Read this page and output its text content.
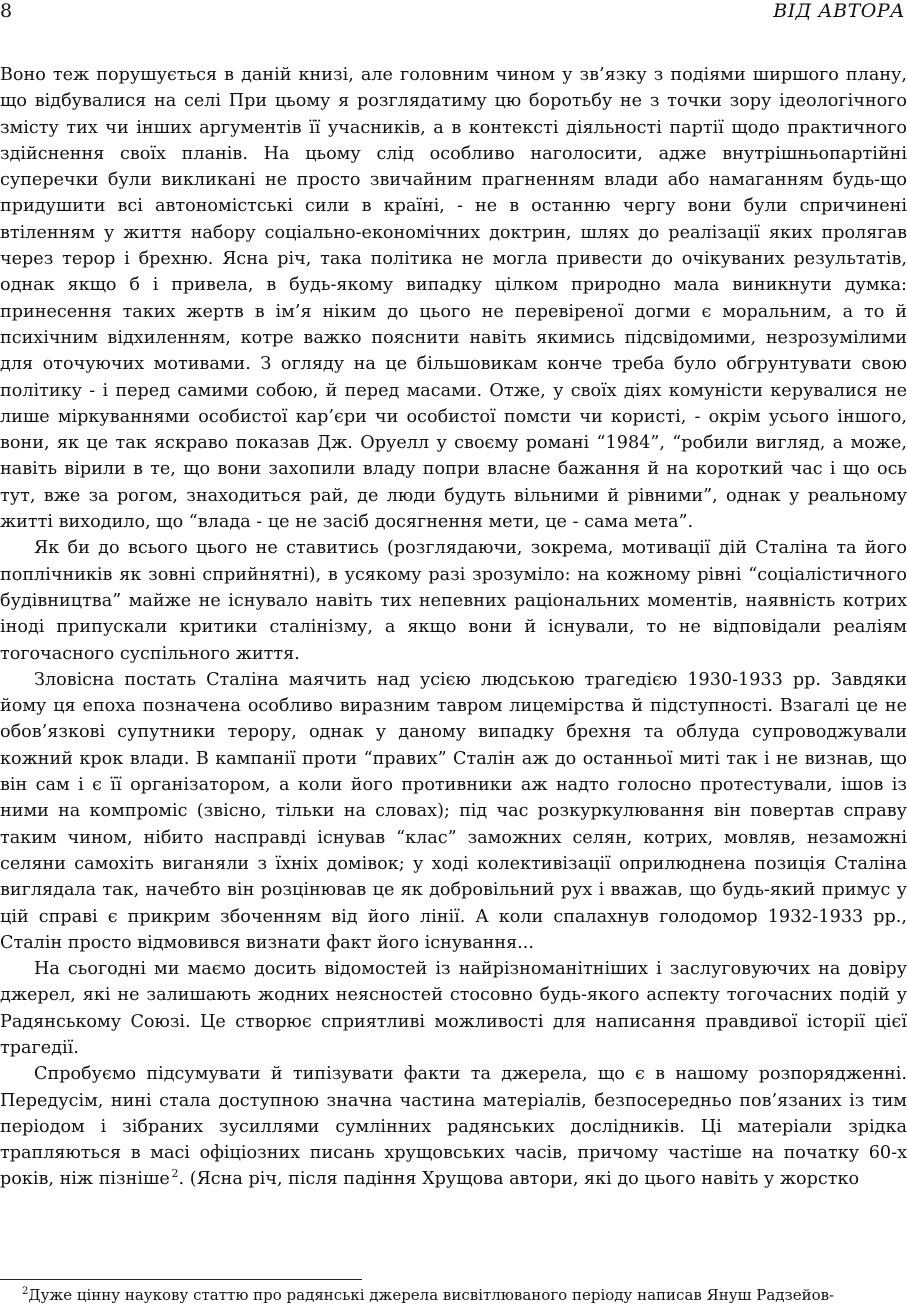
8	ВІД АВТОРА

Воно теж порушується в даній книзі, але головним чином у зв’язку з подіями ширшого плану, що відбувалися на селі При цьому я розглядатиму цю боротьбу не з точки зору ідеологічного змісту тих чи інших аргументів її учасників, а в контексті діяльності партії щодо практичного здійснення своїх планів. На цьому слід особливо наголосити, адже внутрішньопартійні суперечки були викликані не просто звичайним прагненням влади або намаганням будь-що придушити всі автономістські сили в країні, - не в останню чергу вони були спричинені втіленням у життя набору соціально-економічних доктрин, шлях до реалізації яких пролягав через терор і брехню. Ясна річ, така політика не могла привести до очікуваних результатів, однак якщо б і привела, в будь-якому випадку цілком природно мала виникнути думка: принесення таких жертв в ім’я ніким до цього не перевіреної догми є моральним, а то й психічним відхиленням, котре важко пояснити навіть якимись підсвідомими, незрозумілими для оточуючих мотивами. З огляду на це більшовикам конче треба було обгрунтувати свою політику - і перед самими собою, й перед масами. Отже, у своїх діях комуністи керувалися не лише міркуваннями особистої кар’єри чи особистої помсти чи користі, - окрім усього іншого, вони, як це так яскраво показав Дж. Оруелл у своєму романі “1984”, “робили вигляд, а може, навіть вірили в те, що вони захопили владу попри власне бажання й на короткий час і що ось тут, вже за рогом, знаходиться рай, де люди будуть вільними й рівними”, однак у реальному житті виходило, що “влада - це не засіб досягнення мети, це - сама мета”.

Як би до всього цього не ставитись (розглядаючи, зокрема, мотивації дій Сталіна та його поплічників як зовні сприйнятні), в усякому разі зрозуміло: на кожному рівні “соціалістичного будівництва” майже не існувало навіть тих непевних раціональних моментів, наявність котрих іноді припускали критики сталінізму, а якщо вони й існували, то не відповідали реаліям тогочасного суспільного життя.

Зловісна постать Сталіна маячить над усією людською трагедією 1930-1933 рр. Завдяки йому ця епоха позначена особливо виразним тавром лицемірства й підступності. Взагалі це не обов’язкові супутники терору, однак у даному випадку брехня та облуда супроводжували кожний крок влади. В кампанії проти “правих” Сталін аж до останньої миті так і не визнав, що він сам і є її організатором, а коли його противники аж надто голосно протестували, ішов із ними на компроміс (звісно, тільки на словах); під час розкуркулювання він повертав справу таким чином, нібито насправді існував “клас” заможних селян, котрих, мовляв, незаможні селяни самохіть виганяли з їхніх домівок; у ході колективізації оприлюднена позиція Сталіна виглядала так, начебто він розцінював це як добровільний рух і вважав, що будь-який примус у цій справі є прикрим збоченням від його лінії. А коли спалахнув голодомор 1932-1933 рр., Сталін просто відмовився визнати факт його існування...

На сьогодні ми маємо досить відомостей із найрізноманітніших і заслуговуючих на довіру джерел, які не залишають жодних неясностей стосовно будь-якого аспекту тогочасних подій у Радянському Союзі. Це створює сприятливі можливості для написання правдивої історії цієї трагедії.

Спробуємо підсумувати й типізувати факти та джерела, що є в нашому розпорядженні. Передусім, нині стала доступною значна частина матеріалів, безпосередньо пов’язаних із тим періодом і зібраних зусиллями сумлінних радянських дослідників. Ці матеріали зрідка трапляються в масі офіціозних писань хрущовських часів, причому частіше на початку 60-х років, ніж пізніше  $^2$. (Ясна річ, після падіння Хрущова автори, які до цього навіть у жорстко

$^2$Дуже цінну наукову статтю про радянські джерела висвітлюваного періоду написав Януш Радзейов-
